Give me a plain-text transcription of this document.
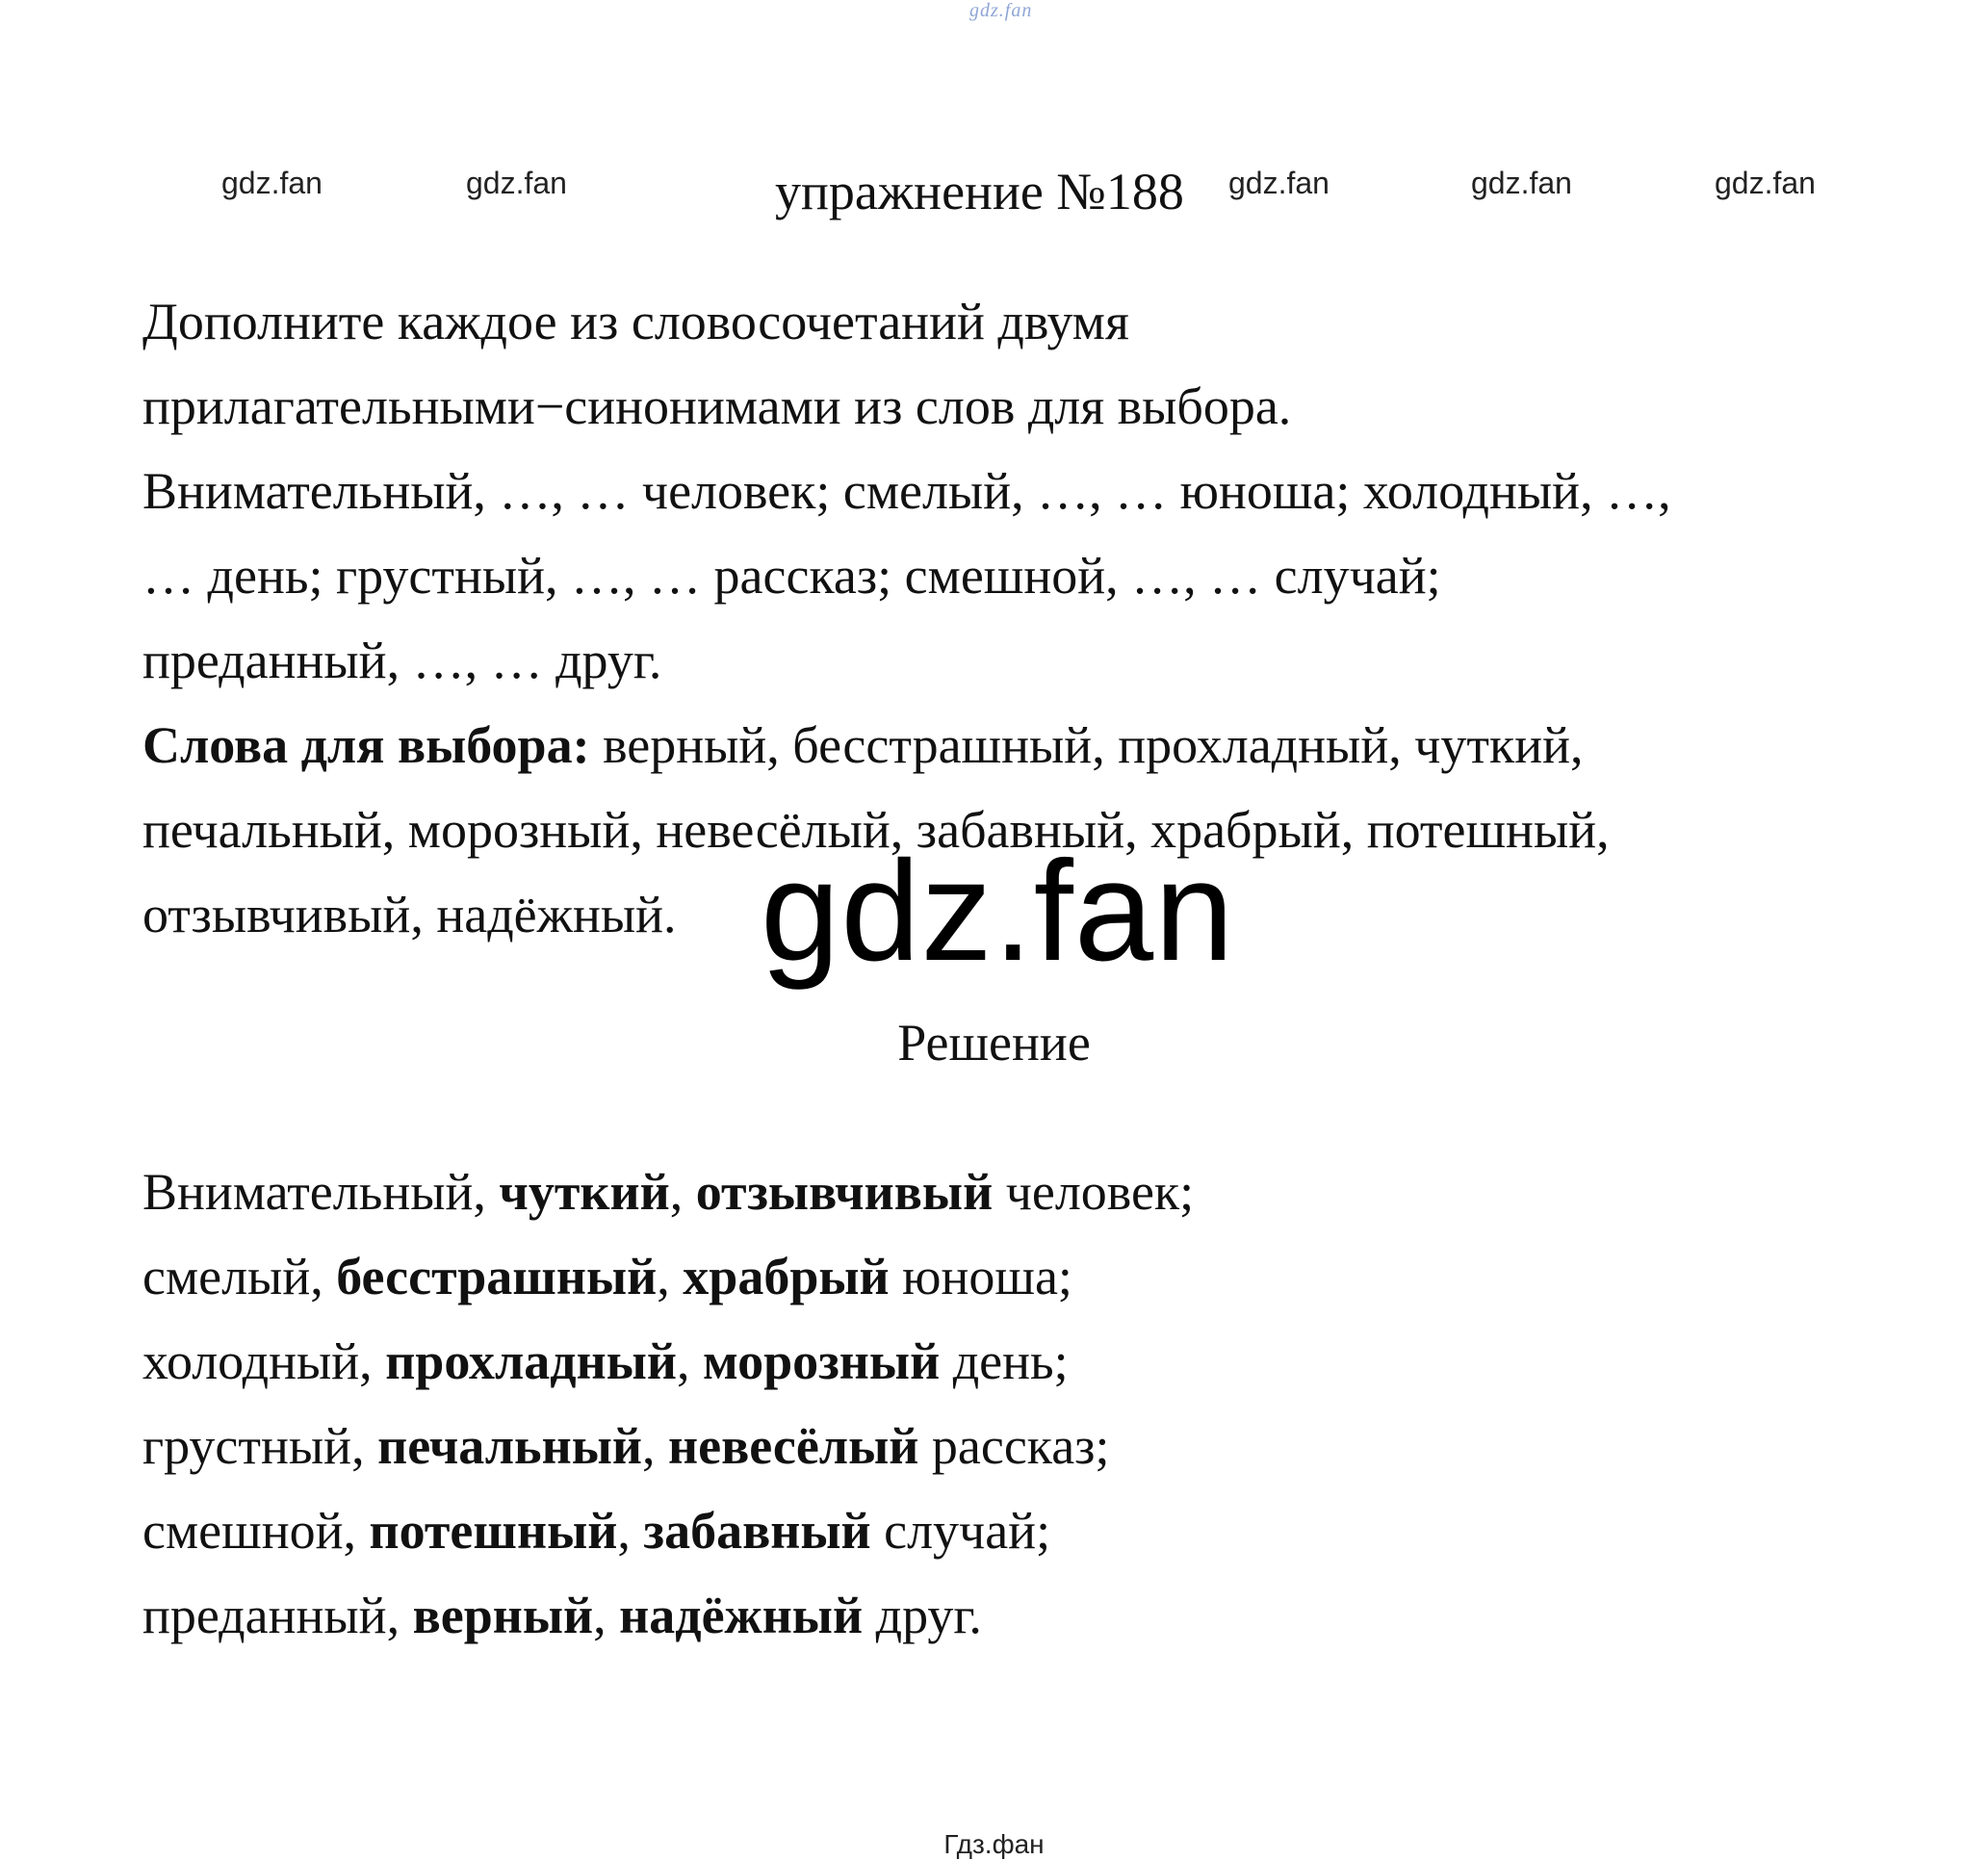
gdz.fan
gdz.fan	gdz.fan	gdz.fan	gdz.fan	gdz.fan
упражнение №188

Дополните каждое из словосочетаний двумя

прилагательными−синонимами из слов для выбора.

Внимательный, …, … человек; смелый, …, … юноша; холодный, …,

… день; грустный, …, … рассказ; смешной, …, … случай;

преданный, …, … друг.

Слова для выбора: верный, бесстрашный, прохладный, чуткий,

печальный, морозный, невесёлый, забавный, храбрый, потешный,

отзывчивый, надёжный. gdz.fan
Решение

Внимательный, чуткий, отзывчивый человек;

смелый, бесстрашный, храбрый юноша;

холодный, прохладный, морозный день;

грустный, печальный, невесёлый рассказ;

смешной, потешный, забавный случай;

преданный, верный, надёжный друг.

Гдз.фан
